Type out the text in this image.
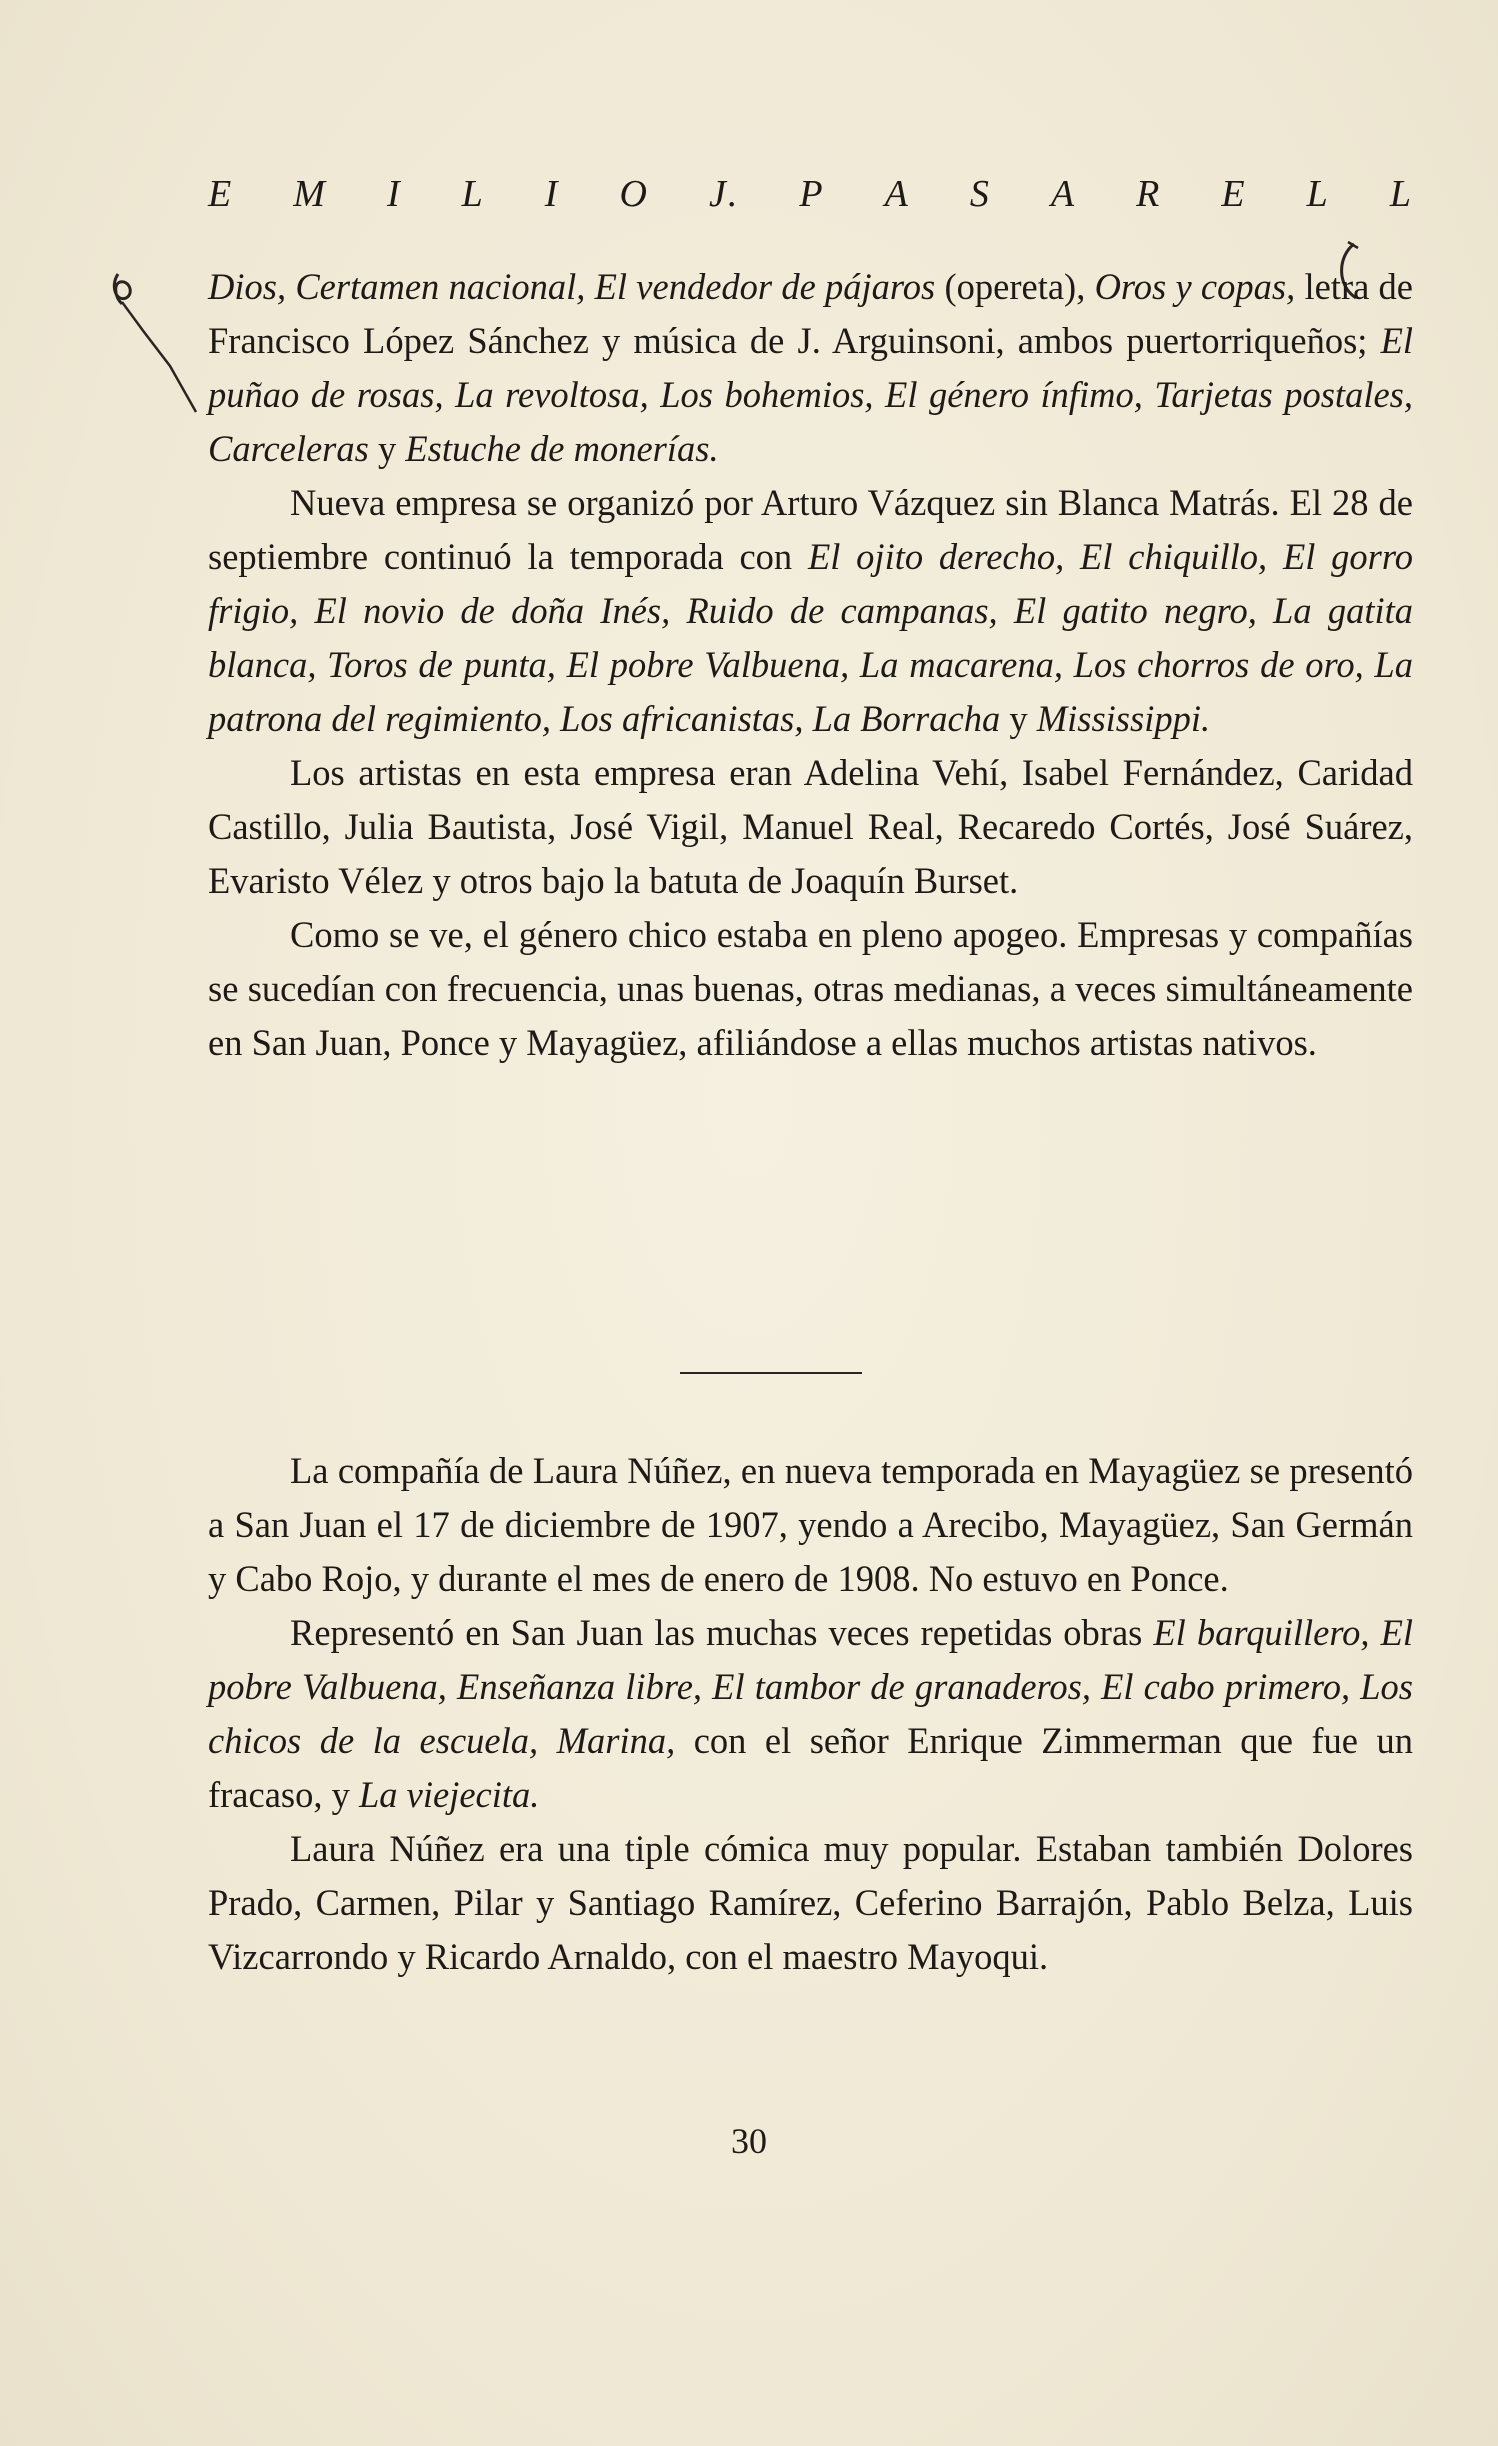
E M I L I O J. P A S A R E L L

Dios, Certamen nacional, El vendedor de pájaros (opereta), Oros y copas, letra de Francisco López Sánchez y música de J. Arguinsoni, ambos puertorriqueños; El puñao de rosas, La revoltosa, Los bohemios, El género ínfimo, Tarjetas postales, Carceleras y Estuche de monerías.

Nueva empresa se organizó por Arturo Vázquez sin Blanca Matrás. El 28 de septiembre continuó la temporada con El ojito derecho, El chiquillo, El gorro frigio, El novio de doña Inés, Ruido de campanas, El gatito negro, La gatita blanca, Toros de punta, El pobre Valbuena, La macarena, Los chorros de oro, La patrona del regimiento, Los africanistas, La Borracha y Mississippi.

Los artistas en esta empresa eran Adelina Vehí, Isabel Fernández, Caridad Castillo, Julia Bautista, José Vigil, Manuel Real, Recaredo Cortés, José Suárez, Evaristo Vélez y otros bajo la batuta de Joaquín Burset.

Como se ve, el género chico estaba en pleno apogeo. Empresas y compañías se sucedían con frecuencia, unas buenas, otras medianas, a veces simultáneamente en San Juan, Ponce y Mayagüez, afiliándose a ellas muchos artistas nativos.

La compañía de Laura Núñez, en nueva temporada en Mayagüez se presentó a San Juan el 17 de diciembre de 1907, yendo a Arecibo, Mayagüez, San Germán y Cabo Rojo, y durante el mes de enero de 1908. No estuvo en Ponce.

Representó en San Juan las muchas veces repetidas obras El barquillero, El pobre Valbuena, Enseñanza libre, El tambor de granaderos, El cabo primero, Los chicos de la escuela, Marina, con el señor Enrique Zimmerman que fue un fracaso, y La viejecita.

Laura Núñez era una tiple cómica muy popular. Estaban también Dolores Prado, Carmen, Pilar y Santiago Ramírez, Ceferino Barrajón, Pablo Belza, Luis Vizcarrondo y Ricardo Arnaldo, con el maestro Mayoqui.

30
